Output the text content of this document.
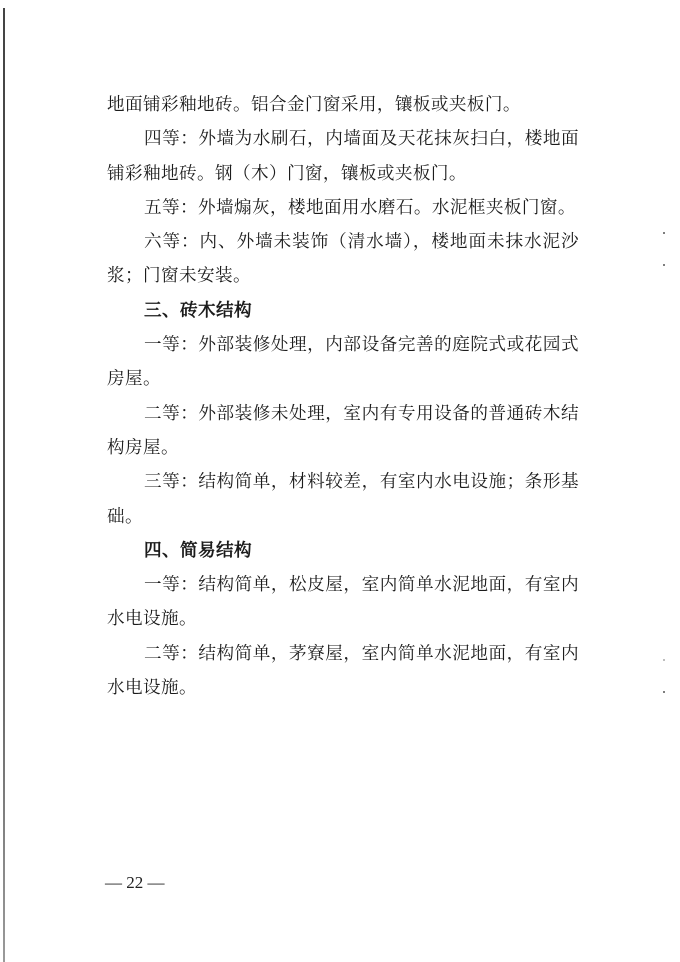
地面铺彩釉地砖。铝合金门窗采用，镶板或夹板门。

四等：外墙为水刷石，内墙面及天花抹灰扫白，楼地面铺彩釉地砖。钢（木）门窗，镶板或夹板门。

五等：外墙煽灰，楼地面用水磨石。水泥框夹板门窗。

六等：内、外墙未装饰（清水墙），楼地面未抹水泥沙浆；门窗未安装。

三、砖木结构

一等：外部装修处理，内部设备完善的庭院式或花园式房屋。

二等：外部装修未处理，室内有专用设备的普通砖木结构房屋。

三等：结构简单，材料较差，有室内水电设施；条形基础。

四、简易结构

一等：结构简单，松皮屋，室内简单水泥地面，有室内水电设施。

二等：结构简单，茅寮屋，室内简单水泥地面，有室内水电设施。

— 22 —
